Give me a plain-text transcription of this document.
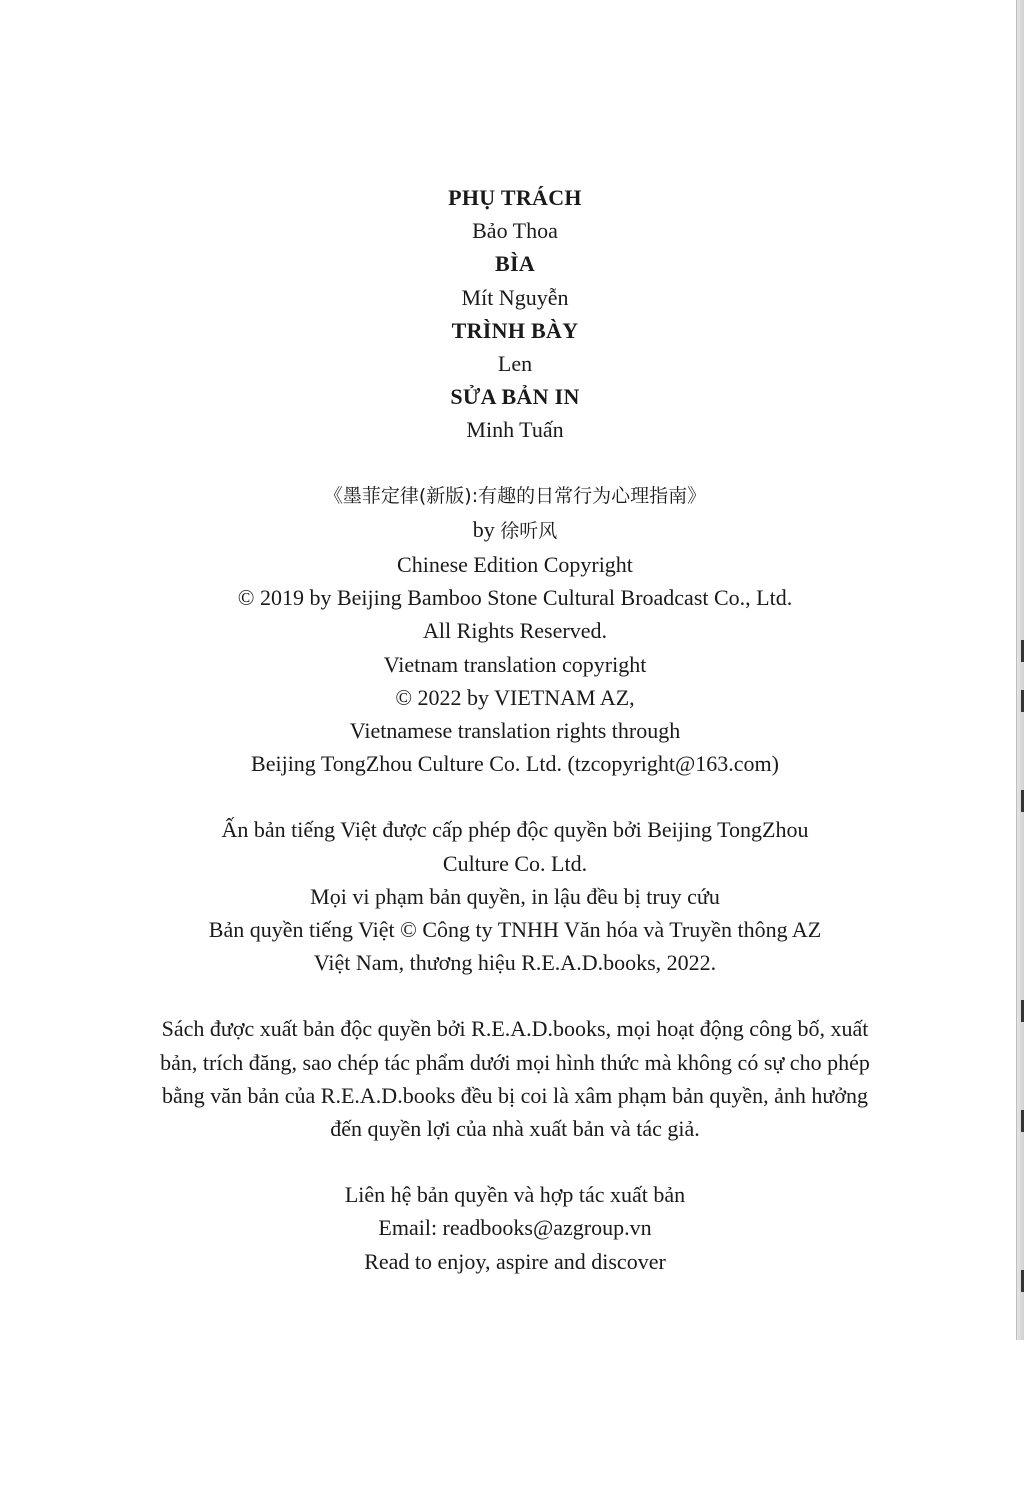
PHỤ TRÁCH
Bảo Thoa
BÌA
Mít Nguyễn
TRÌNH BÀY
Len
SỬA BẢN IN
Minh Tuấn
《墨菲定律(新版):有趣的日常行为心理指南》
by 徐听风
Chinese Edition Copyright
© 2019 by Beijing Bamboo Stone Cultural Broadcast Co., Ltd.
All Rights Reserved.
Vietnam translation copyright
© 2022 by VIETNAM AZ,
Vietnamese translation rights through
Beijing TongZhou Culture Co. Ltd. (tzcopyright@163.com)
Ấn bản tiếng Việt được cấp phép độc quyền bởi Beijing TongZhou
Culture Co. Ltd.
Mọi vi phạm bản quyền, in lậu đều bị truy cứu
Bản quyền tiếng Việt © Công ty TNHH Văn hóa và Truyền thông AZ
Việt Nam, thương hiệu R.E.A.D.books, 2022.
Sách được xuất bản độc quyền bởi R.E.A.D.books, mọi hoạt động công bố, xuất bản, trích đăng, sao chép tác phẩm dưới mọi hình thức mà không có sự cho phép bằng văn bản của R.E.A.D.books đều bị coi là xâm phạm bản quyền, ảnh hưởng đến quyền lợi của nhà xuất bản và tác giả.
Liên hệ bản quyền và hợp tác xuất bản
Email: readbooks@azgroup.vn
Read to enjoy, aspire and discover
